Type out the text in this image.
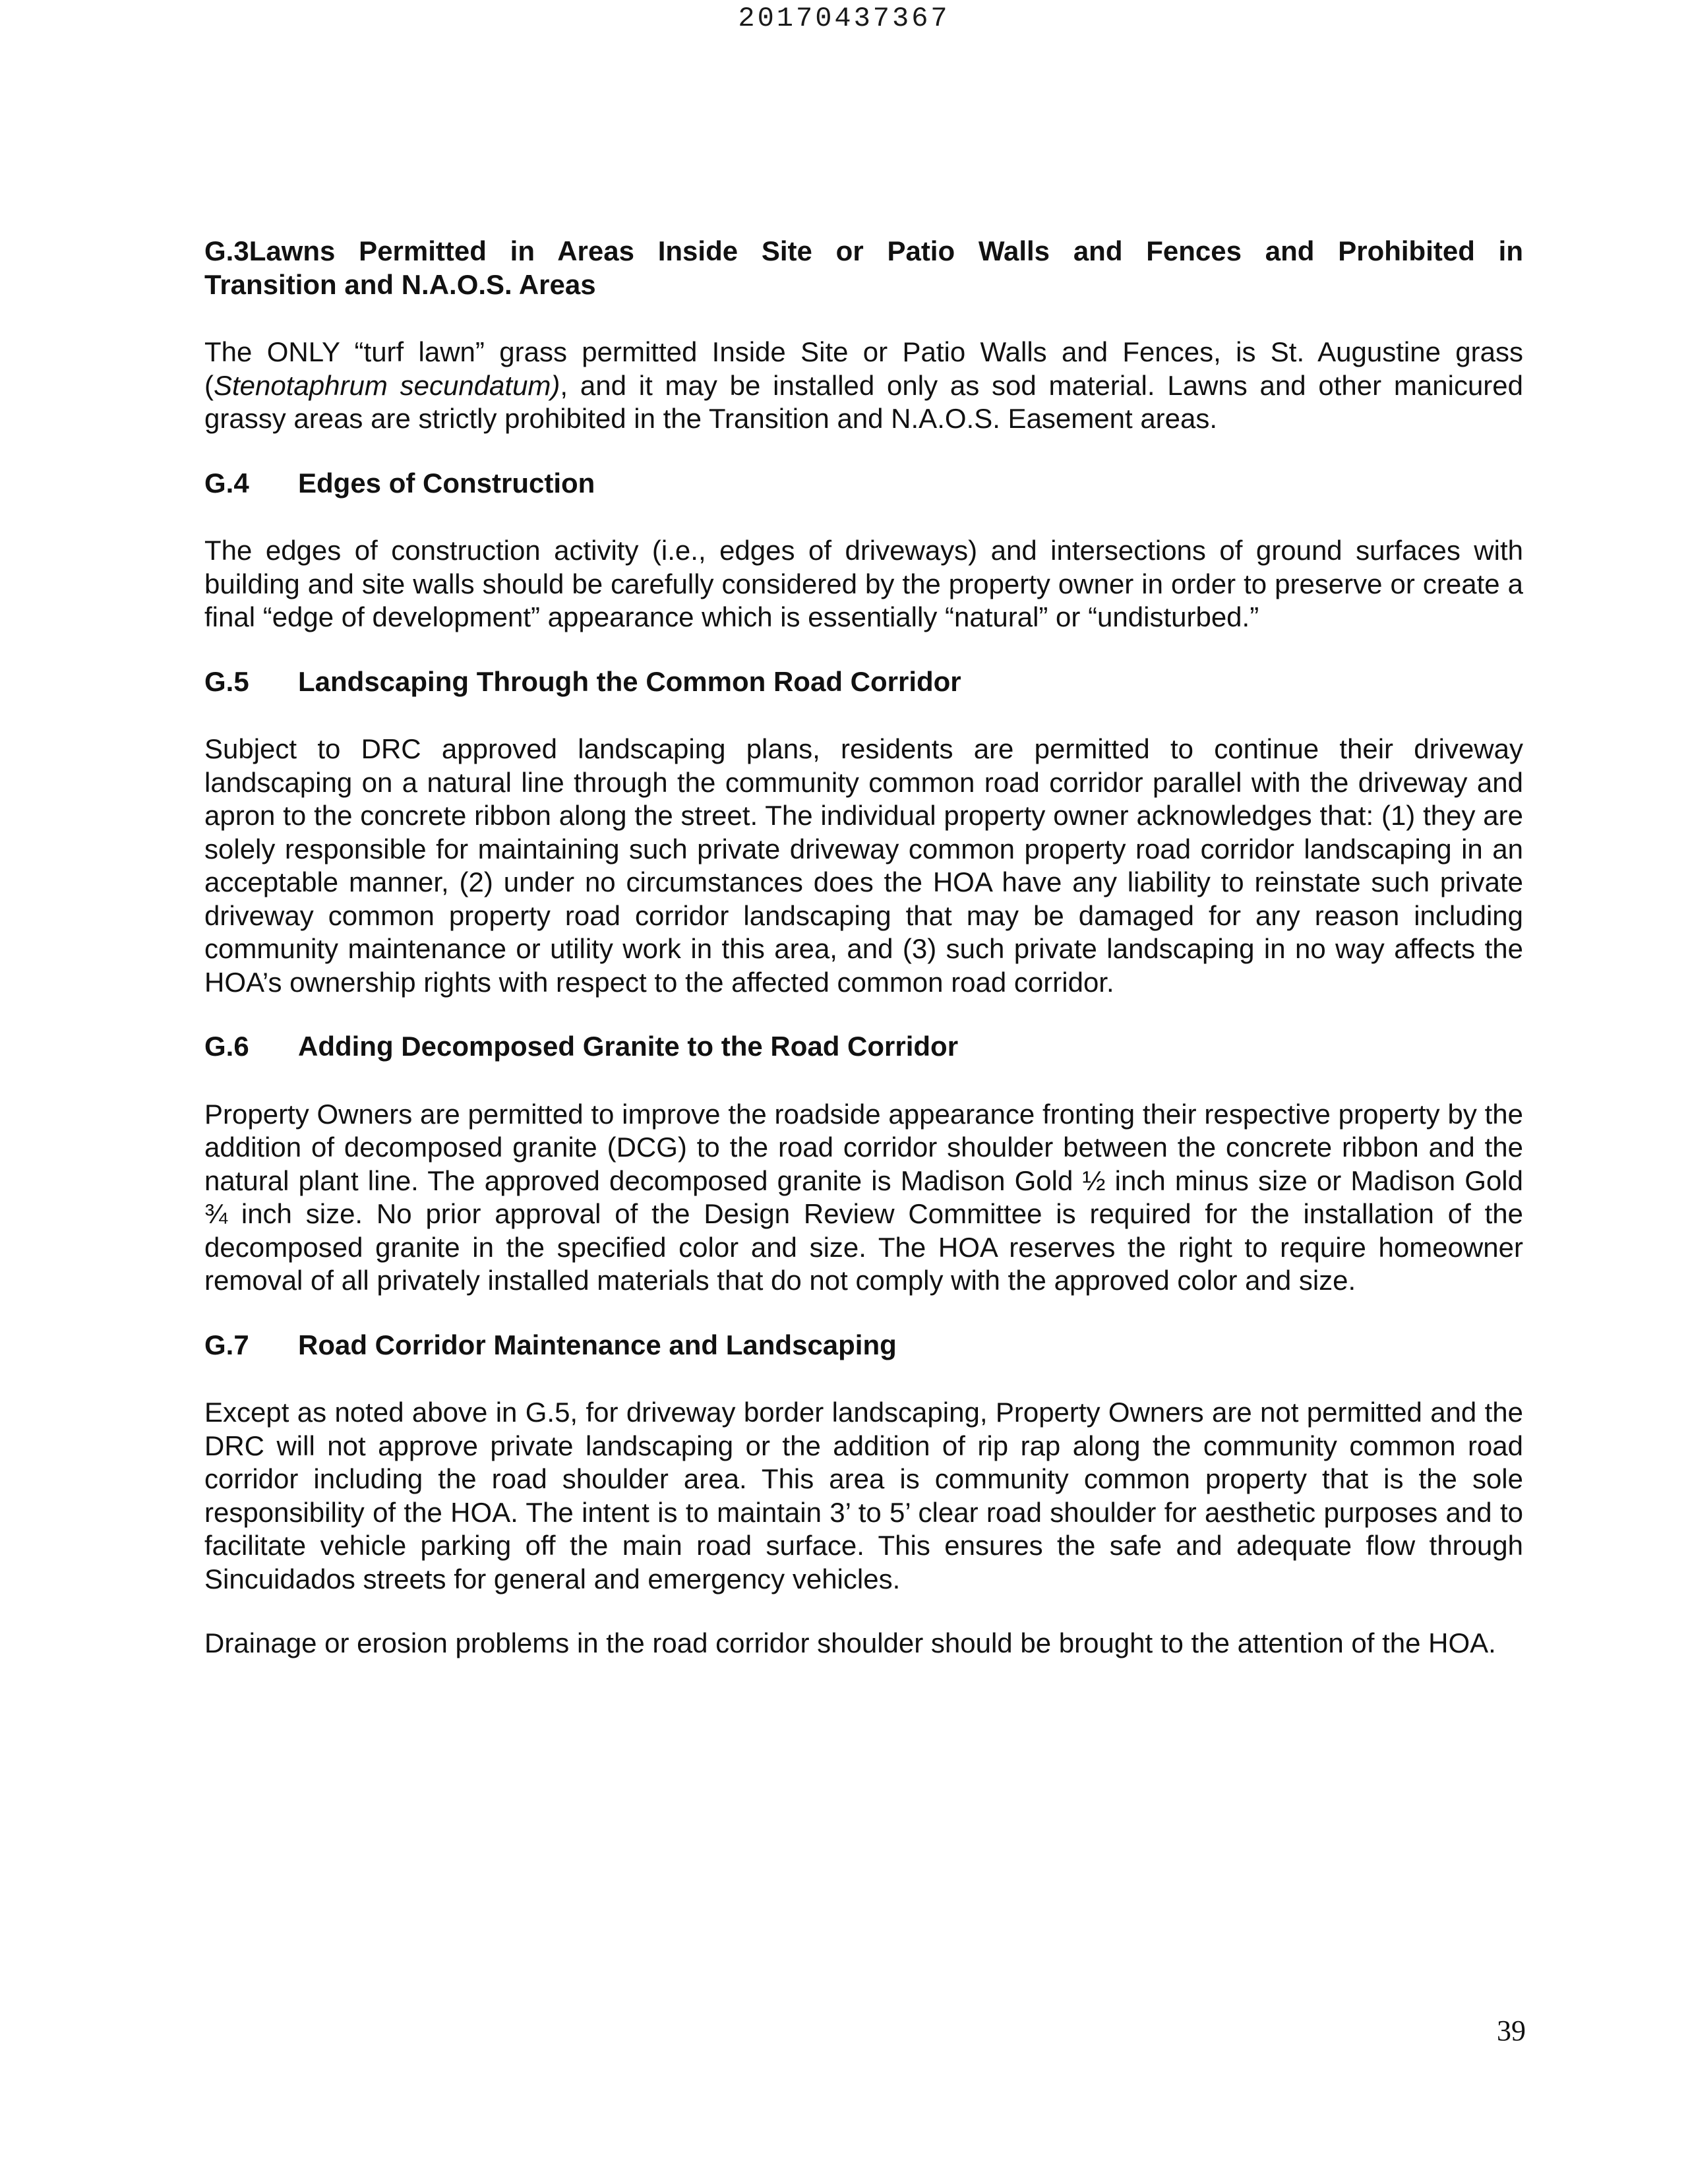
20170437367

G.3Lawns Permitted in Areas Inside Site or Patio Walls and Fences and Prohibited in

Transition and N.A.O.S. Areas

The ONLY “turf lawn” grass permitted Inside Site or Patio Walls and Fences, is St. Augustine grass (Stenotaphrum secundatum), and it may be installed only as sod material. Lawns and other manicured grassy areas are strictly prohibited in the Transition and N.A.O.S. Easement areas.

G.4 Edges of Construction

The edges of construction activity (i.e., edges of driveways) and intersections of ground surfaces with building and site walls should be carefully considered by the property owner in order to preserve or create a final “edge of development” appearance which is essentially “natural” or “undisturbed.”

G.5 Landscaping Through the Common Road Corridor

Subject to DRC approved landscaping plans, residents are permitted to continue their driveway landscaping on a natural line through the community common road corridor parallel with the driveway and apron to the concrete ribbon along the street. The individual property owner acknowledges that: (1) they are solely responsible for maintaining such private driveway common property road corridor landscaping in an acceptable manner, (2) under no circumstances does the HOA have any liability to reinstate such private driveway common property road corridor landscaping that may be damaged for any reason including community maintenance or utility work in this area, and (3) such private landscaping in no way affects the HOA’s ownership rights with respect to the affected common road corridor.

G.6 Adding Decomposed Granite to the Road Corridor

Property Owners are permitted to improve the roadside appearance fronting their respective property by the addition of decomposed granite (DCG) to the road corridor shoulder between the concrete ribbon and the natural plant line. The approved decomposed granite is Madison Gold ½ inch minus size or Madison Gold ¾ inch size. No prior approval of the Design Review Committee is required for the installation of the decomposed granite in the specified color and size. The HOA reserves the right to require homeowner removal of all privately installed materials that do not comply with the approved color and size.

G.7 Road Corridor Maintenance and Landscaping

Except as noted above in G.5, for driveway border landscaping, Property Owners are not permitted and the DRC will not approve private landscaping or the addition of rip rap along the community common road corridor including the road shoulder area. This area is community common property that is the sole responsibility of the HOA. The intent is to maintain 3’ to 5’ clear road shoulder for aesthetic purposes and to facilitate vehicle parking off the main road surface. This ensures the safe and adequate flow through Sincuidados streets for general and emergency vehicles.

Drainage or erosion problems in the road corridor shoulder should be brought to the attention of the HOA.

39
